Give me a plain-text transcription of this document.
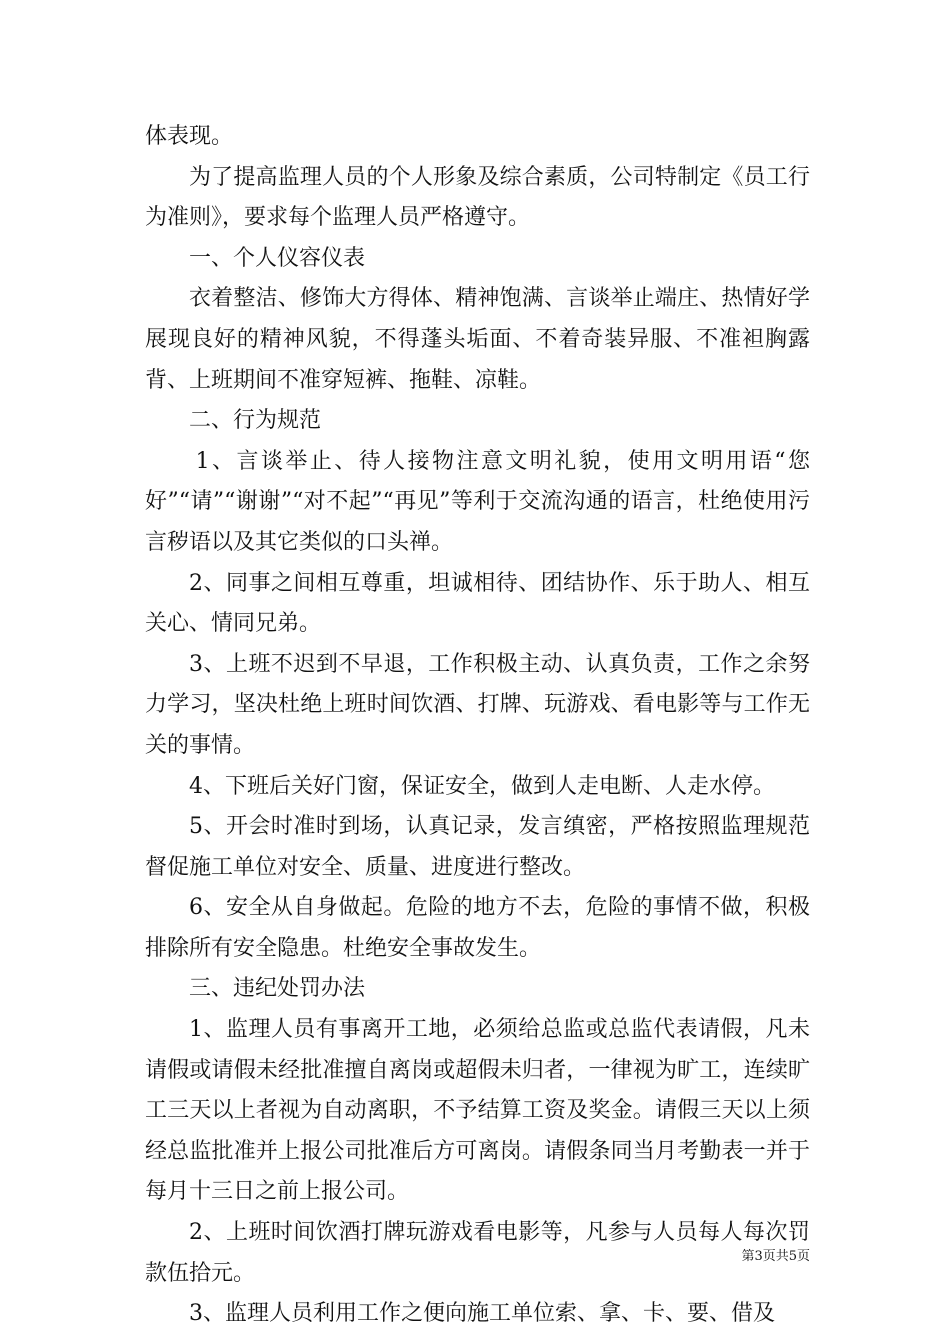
体表现。

为了提高监理人员的个人形象及综合素质，公司特制定《员工行为准则》，要求每个监理人员严格遵守。

一、个人仪容仪表

衣着整洁、修饰大方得体、精神饱满、言谈举止端庄、热情好学展现良好的精神风貌，不得蓬头垢面、不着奇装异服、不准袒胸露背、上班期间不准穿短裤、拖鞋、凉鞋。

二、行为规范

1、言谈举止、待人接物注意文明礼貌，使用文明用语“您好”“请”“谢谢”“对不起”“再见”等利于交流沟通的语言，杜绝使用污言秽语以及其它类似的口头禅。

2、同事之间相互尊重，坦诚相待、团结协作、乐于助人、相互关心、情同兄弟。

3、上班不迟到不早退，工作积极主动、认真负责，工作之余努力学习，坚决杜绝上班时间饮酒、打牌、玩游戏、看电影等与工作无关的事情。

4、下班后关好门窗，保证安全，做到人走电断、人走水停。

5、开会时准时到场，认真记录，发言缜密，严格按照监理规范督促施工单位对安全、质量、进度进行整改。

6、安全从自身做起。危险的地方不去，危险的事情不做，积极排除所有安全隐患。杜绝安全事故发生。

三、违纪处罚办法

1、监理人员有事离开工地，必须给总监或总监代表请假，凡未请假或请假未经批准擅自离岗或超假未归者，一律视为旷工，连续旷工三天以上者视为自动离职，不予结算工资及奖金。请假三天以上须经总监批准并上报公司批准后方可离岗。请假条同当月考勤表一并于每月十三日之前上报公司。

2、上班时间饮酒打牌玩游戏看电影等，凡参与人员每人每次罚款伍拾元。

3、监理人员利用工作之便向施工单位索、拿、卡、要、借及

第3页共5页
